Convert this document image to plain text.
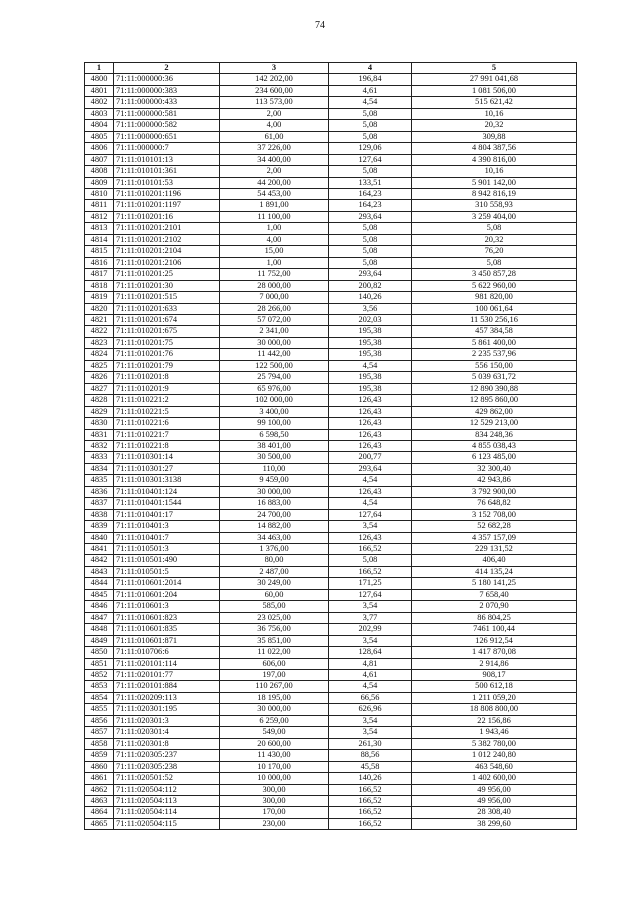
74
1	2	3	4	5
4800	71:11:000000:36	142 202,00	196,84	27 991 041,68
4801	71:11:000000:383	234 600,00	4,61	1 081 506,00
4802	71:11:000000:433	113 573,00	4,54	515 621,42
4803	71:11:000000:581	2,00	5,08	10,16
4804	71:11:000000:582	4,00	5,08	20,32
4805	71:11:000000:651	61,00	5,08	309,88
4806	71:11:000000:7	37 226,00	129,06	4 804 387,56
4807	71:11:010101:13	34 400,00	127,64	4 390 816,00
4808	71:11:010101:361	2,00	5,08	10,16
4809	71:11:010101:53	44 200,00	133,51	5 901 142,00
4810	71:11:010201:1196	54 453,00	164,23	8 942 816,19
4811	71:11:010201:1197	1 891,00	164,23	310 558,93
4812	71:11:010201:16	11 100,00	293,64	3 259 404,00
4813	71:11:010201:2101	1,00	5,08	5,08
4814	71:11:010201:2102	4,00	5,08	20,32
4815	71:11:010201:2104	15,00	5,08	76,20
4816	71:11:010201:2106	1,00	5,08	5,08
4817	71:11:010201:25	11 752,00	293,64	3 450 857,28
4818	71:11:010201:30	28 000,00	200,82	5 622 960,00
4819	71:11:010201:515	7 000,00	140,26	981 820,00
4820	71:11:010201:633	28 266,00	3,56	100 061,64
4821	71:11:010201:674	57 072,00	202,03	11 530 256,16
4822	71:11:010201:675	2 341,00	195,38	457 384,58
4823	71:11:010201:75	30 000,00	195,38	5 861 400,00
4824	71:11:010201:76	11 442,00	195,38	2 235 537,96
4825	71:11:010201:79	122 500,00	4,54	556 150,00
4826	71:11:010201:8	25 794,00	195,38	5 039 631,72
4827	71:11:010201:9	65 976,00	195,38	12 890 390,88
4828	71:11:010221:2	102 000,00	126,43	12 895 860,00
4829	71:11:010221:5	3 400,00	126,43	429 862,00
4830	71:11:010221:6	99 100,00	126,43	12 529 213,00
4831	71:11:010221:7	6 598,50	126,43	834 248,36
4832	71:11:010221:8	38 401,00	126,43	4 855 038,43
4833	71:11:010301:14	30 500,00	200,77	6 123 485,00
4834	71:11:010301:27	110,00	293,64	32 300,40
4835	71:11:010301:3138	9 459,00	4,54	42 943,86
4836	71:11:010401:124	30 000,00	126,43	3 792 900,00
4837	71:11:010401:1544	16 883,00	4,54	76 648,82
4838	71:11:010401:17	24 700,00	127,64	3 152 708,00
4839	71:11:010401:3	14 882,00	3,54	52 682,28
4840	71:11:010401:7	34 463,00	126,43	4 357 157,09
4841	71:11:010501:3	1 376,00	166,52	229 131,52
4842	71:11:010501:490	80,00	5,08	406,40
4843	71:11:010501:5	2 487,00	166,52	414 135,24
4844	71:11:010601:2014	30 249,00	171,25	5 180 141,25
4845	71:11:010601:204	60,00	127,64	7 658,40
4846	71:11:010601:3	585,00	3,54	2 070,90
4847	71:11:010601:823	23 025,00	3,77	86 804,25
4848	71:11:010601:835	36 756,00	202,99	7461 100,44
4849	71:11:010601:871	35 851,00	3,54	126 912,54
4850	71:11:010706:6	11 022,00	128,64	1 417 870,08
4851	71:11:020101:114	606,00	4,81	2 914,86
4852	71:11:020101:77	197,00	4,61	908,17
4853	71:11:020101:884	110 267,00	4,54	500 612,18
4854	71:11:020209:113	18 195,00	66,56	1 211 059,20
4855	71:11:020301:195	30 000,00	626,96	18 808 800,00
4856	71:11:020301:3	6 259,00	3,54	22 156,86
4857	71:11:020301:4	549,00	3,54	1 943,46
4858	71:11:020301:8	20 600,00	261,30	5 382 780,00
4859	71:11:020305:237	11 430,00	88,56	1 012 240,80
4860	71:11:020305:238	10 170,00	45,58	463 548,60
4861	71:11:020501:52	10 000,00	140,26	1 402 600,00
4862	71:11:020504:112	300,00	166,52	49 956,00
4863	71:11:020504:113	300,00	166,52	49 956,00
4864	71:11:020504:114	170,00	166,52	28 308,40
4865	71:11:020504:115	230,00	166,52	38 299,60
